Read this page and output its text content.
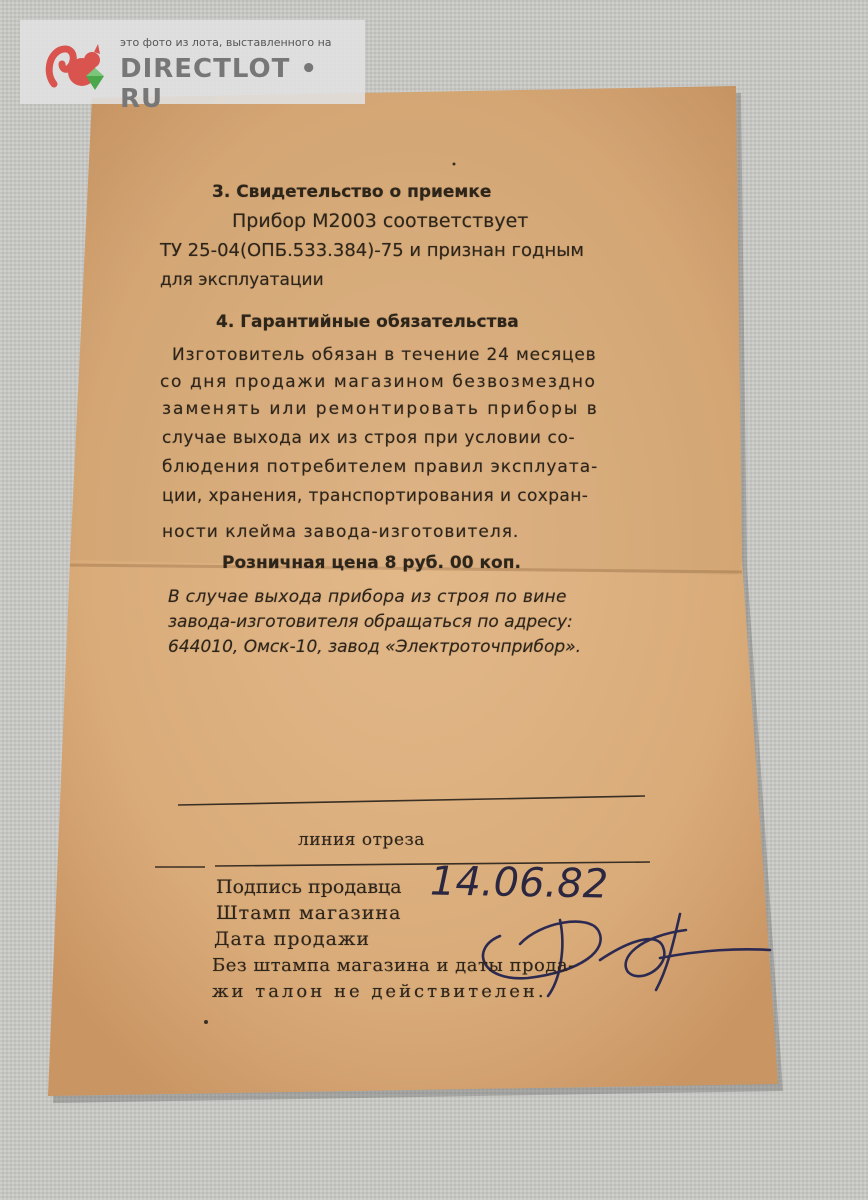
это фото из лота, выставленного на
DIRECTLOT • RU
3. Свидетельство о приемке
Прибор М2003 соответствует
ТУ 25-04(ОПБ.533.384)-75 и признан годным
для эксплуатации
4. Гарантийные обязательства
Изготовитель обязан в течение 24 месяцев
со дня продажи магазином безвозмездно
заменять или ремонтировать приборы в
случае выхода их из строя при условии со-
блюдения потребителем правил эксплуата-
ции, хранения, транспортирования и сохран-
ности клейма завода-изготовителя.
Розничная цена 8 руб. 00 коп.
В случае выхода прибора из строя по вине
завода-изготовителя обращаться по адресу:
644010, Омск-10, завод «Электроточприбор».
линия отреза
Подпись продавца
Штамп магазина
Дата продажи
Без штампа магазина и даты прода-
жи талон не действителен.
14.06.82
